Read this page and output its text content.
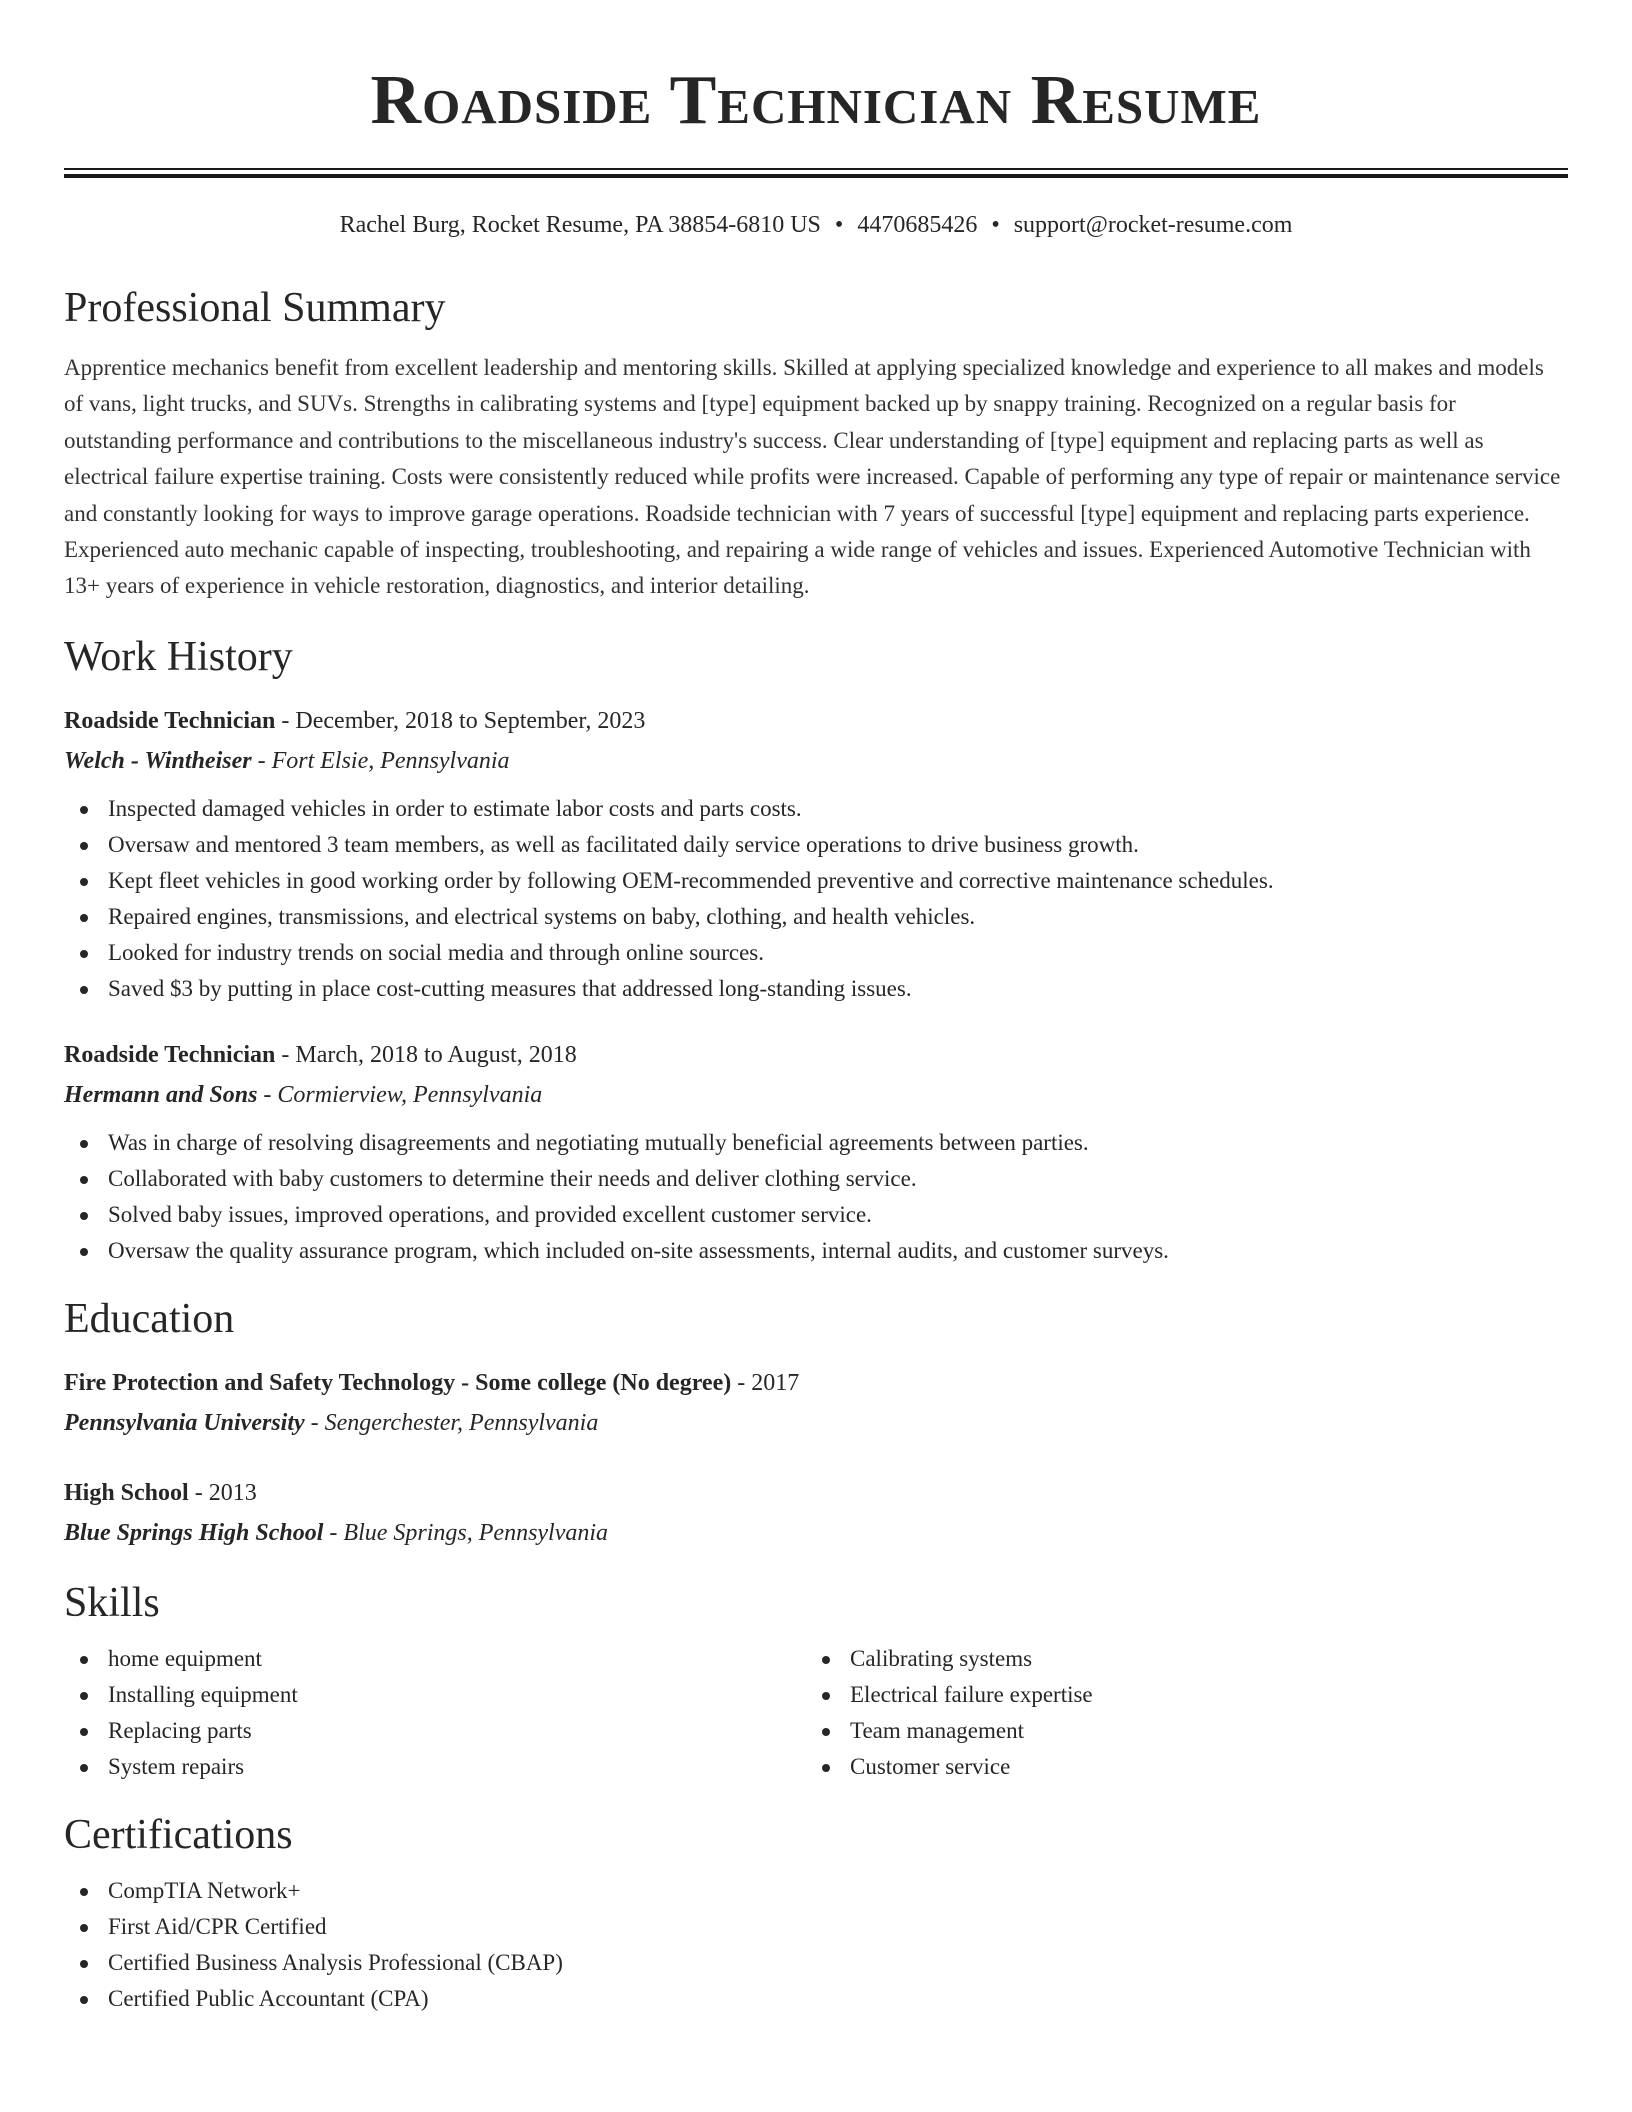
Roadside Technician Resume
Rachel Burg, Rocket Resume, PA 38854-6810 US • 4470685426 • support@rocket-resume.com
Professional Summary

Apprentice mechanics benefit from excellent leadership and mentoring skills. Skilled at applying specialized knowledge and experience to all makes and models of vans, light trucks, and SUVs. Strengths in calibrating systems and [type] equipment backed up by snappy training. Recognized on a regular basis for outstanding performance and contributions to the miscellaneous industry's success. Clear understanding of [type] equipment and replacing parts as well as electrical failure expertise training. Costs were consistently reduced while profits were increased. Capable of performing any type of repair or maintenance service and constantly looking for ways to improve garage operations. Roadside technician with 7 years of successful [type] equipment and replacing parts experience. Experienced auto mechanic capable of inspecting, troubleshooting, and repairing a wide range of vehicles and issues. Experienced Automotive Technician with 13+ years of experience in vehicle restoration, diagnostics, and interior detailing.

Work History

Roadside Technician - December, 2018 to September, 2023

Welch - Wintheiser - Fort Elsie, Pennsylvania

Inspected damaged vehicles in order to estimate labor costs and parts costs.
Oversaw and mentored 3 team members, as well as facilitated daily service operations to drive business growth.
Kept fleet vehicles in good working order by following OEM-recommended preventive and corrective maintenance schedules.
Repaired engines, transmissions, and electrical systems on baby, clothing, and health vehicles.
Looked for industry trends on social media and through online sources.
Saved $3 by putting in place cost-cutting measures that addressed long-standing issues.

Roadside Technician - March, 2018 to August, 2018

Hermann and Sons - Cormierview, Pennsylvania

Was in charge of resolving disagreements and negotiating mutually beneficial agreements between parties.
Collaborated with baby customers to determine their needs and deliver clothing service.
Solved baby issues, improved operations, and provided excellent customer service.
Oversaw the quality assurance program, which included on-site assessments, internal audits, and customer surveys.
Education

Fire Protection and Safety Technology - Some college (No degree) - 2017

Pennsylvania University - Sengerchester, Pennsylvania

High School - 2013

Blue Springs High School - Blue Springs, Pennsylvania

Skills
home equipment
Installing equipment
Replacing parts
System repairs
Calibrating systems
Electrical failure expertise
Team management
Customer service
Certifications
CompTIA Network+
First Aid/CPR Certified
Certified Business Analysis Professional (CBAP)
Certified Public Accountant (CPA)
